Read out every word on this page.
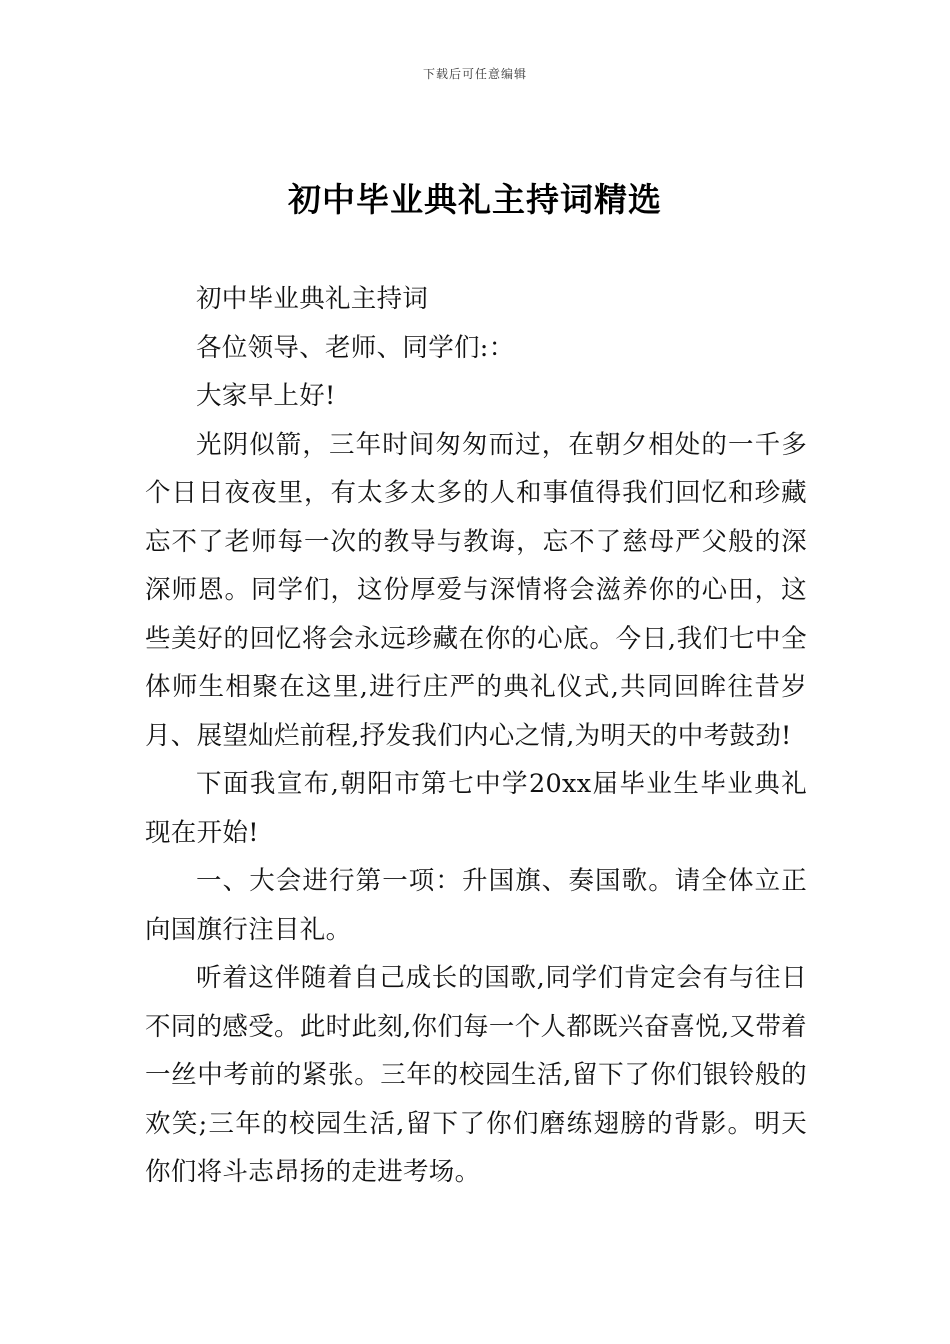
下载后可任意编辑
初中毕业典礼主持词精选

初中毕业典礼主持词

各位领导、老师、同学们:：

大家早上好!

光阴似箭，三年时间匆匆而过，在朝夕相处的一千多个日日夜夜里，有太多太多的人和事值得我们回忆和珍藏忘不了老师每一次的教导与教诲，忘不了慈母严父般的深深师恩。同学们，这份厚爱与深情将会滋养你的心田，这些美好的回忆将会永远珍藏在你的心底。今日,我们七中全体师生相聚在这里,进行庄严的典礼仪式,共同回眸往昔岁月、展望灿烂前程,抒发我们内心之情,为明天的中考鼓劲!

下面我宣布,朝阳市第七中学20xx届毕业生毕业典礼现在开始!

一、大会进行第一项：升国旗、奏国歌。请全体立正向国旗行注目礼。

听着这伴随着自己成长的国歌,同学们肯定会有与往日不同的感受。此时此刻,你们每一个人都既兴奋喜悦,又带着一丝中考前的紧张。三年的校园生活,留下了你们银铃般的欢笑;三年的校园生活,留下了你们磨练翅膀的背影。明天你们将斗志昂扬的走进考场。
